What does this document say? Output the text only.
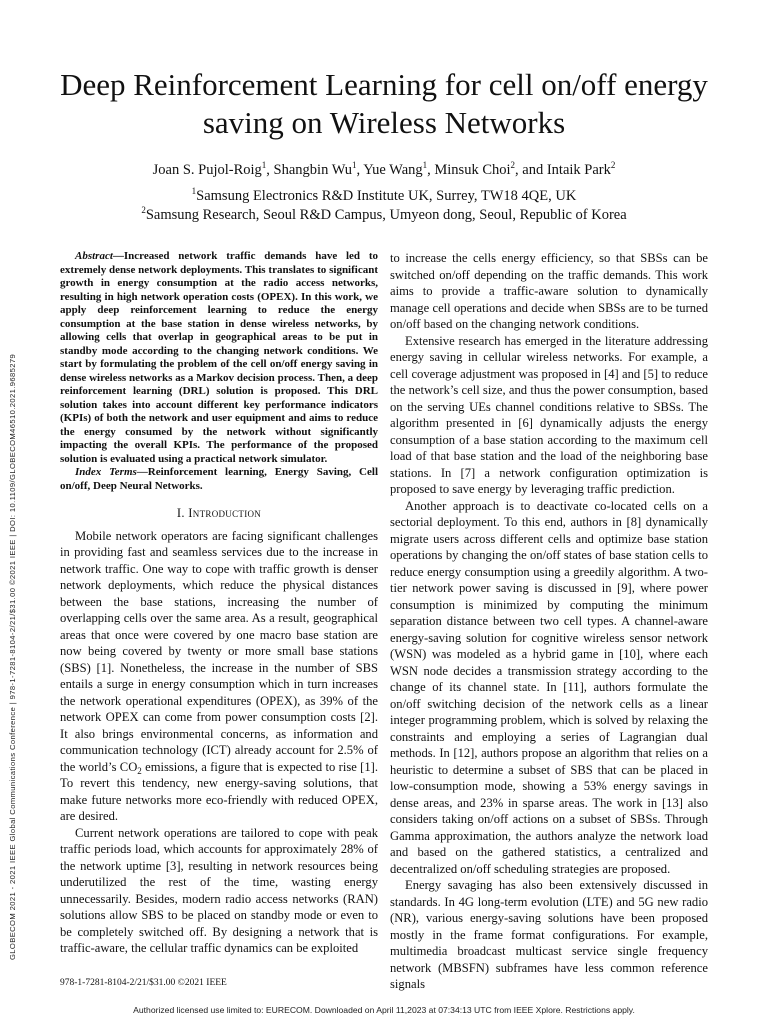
Deep Reinforcement Learning for cell on/off energy saving on Wireless Networks
Joan S. Pujol-Roig$^1$, Shangbin Wu$^1$, Yue Wang$^1$, Minsuk Choi$^2$, and Intaik Park$^2$
$^1$Samsung Electronics R&D Institute UK, Surrey, TW18 4QE, UK
$^2$Samsung Research, Seoul R&D Campus, Umyeon dong, Seoul, Republic of Korea

Abstract—Increased network traffic demands have led to extremely dense network deployments. This translates to significant growth in energy consumption at the radio access networks, resulting in high network operation costs (OPEX). In this work, we apply deep reinforcement learning to reduce the energy consumption at the base station in dense wireless networks, by allowing cells that overlap in geographical areas to be put in standby mode according to the changing network conditions. We start by formulating the problem of the cell on/off energy saving in dense wireless networks as a Markov decision process. Then, a deep reinforcement learning (DRL) solution is proposed. This DRL solution takes into account different key performance indicators (KPIs) of both the network and user equipment and aims to reduce the energy consumed by the network without significantly impacting the overall KPIs. The performance of the proposed solution is evaluated using a practical network simulator.

Index Terms—Reinforcement learning, Energy Saving, Cell on/off, Deep Neural Networks.

I. Introduction

Mobile network operators are facing significant challenges in providing fast and seamless services due to the increase in network traffic. One way to cope with traffic growth is denser network deployments, which reduce the physical distances between the base stations, increasing the number of overlapping cells over the same area. As a result, geographical areas that once were covered by one macro base station are now being covered by twenty or more small base stations (SBS) [1]. Nonetheless, the increase in the number of SBS entails a surge in energy consumption which in turn increases the network operational expenditures (OPEX), as 39% of the network OPEX can come from power consumption costs [2]. It also brings environmental concerns, as information and communication technology (ICT) already account for 2.5% of the world’s $CO_2$ emissions, a figure that is expected to rise [1]. To revert this tendency, new energy-saving solutions, that make future networks more eco-friendly with reduced OPEX, are desired.

Current network operations are tailored to cope with peak traffic periods load, which accounts for approximately 28% of the network uptime [3], resulting in network resources being underutilized the rest of the time, wasting energy unnecessarily. Besides, modern radio access networks (RAN) solutions allow SBS to be placed on standby mode or even to be completely switched off. By designing a network that is traffic-aware, the cellular traffic dynamics can be exploited

to increase the cells energy efficiency, so that SBSs can be switched on/off depending on the traffic demands. This work aims to provide a traffic-aware solution to dynamically manage cell operations and decide when SBSs are to be turned on/off based on the changing network conditions.

Extensive research has emerged in the literature addressing energy saving in cellular wireless networks. For example, a cell coverage adjustment was proposed in [4] and [5] to reduce the network’s cell size, and thus the power consumption, based on the serving UEs channel conditions relative to SBSs. The algorithm presented in [6] dynamically adjusts the energy consumption of a base station according to the maximum cell load of that base station and the load of the neighboring base stations. In [7] a network configuration optimization is proposed to save energy by leveraging traffic prediction.

Another approach is to deactivate co-located cells on a sectorial deployment. To this end, authors in [8] dynamically migrate users across different cells and optimize base station operations by changing the on/off states of base station cells to reduce energy consumption using a greedily algorithm. A two-tier network power saving is discussed in [9], where power consumption is minimized by computing the minimum separation distance between two cell types. A channel-aware energy-saving solution for cognitive wireless sensor network (WSN) was modeled as a hybrid game in [10], where each WSN node decides a transmission strategy according to the change of its channel state. In [11], authors formulate the on/off switching decision of the network cells as a linear integer programming problem, which is solved by relaxing the constraints and employing a series of Lagrangian dual methods. In [12], authors propose an algorithm that relies on a heuristic to determine a subset of SBS that can be placed in low-consumption mode, showing a 53% energy savings in dense areas, and 23% in sparse areas. The work in [13] also considers taking on/off actions on a subset of SBSs. Through Gamma approximation, the authors analyze the network load and based on the gathered statistics, a centralized and decentralized on/off scheduling strategies are proposed.

Energy savaging has also been extensively discussed in standards. In 4G long-term evolution (LTE) and 5G new radio (NR), various energy-saving solutions have been proposed mostly in the frame format configurations. For example, multimedia broadcast multicast service single frequency network (MBSFN) subframes have less common reference signals

GLOBECOM 2021 - 2021 IEEE Global Communications Conference | 978-1-7281-8104-2/21/$31.00 ©2021 IEEE | DOI: 10.1109/GLOBECOM46510.2021.9685279
978-1-7281-8104-2/21/$31.00 ©2021 IEEE
Authorized licensed use limited to: EURECOM. Downloaded on April 11,2023 at 07:34:13 UTC from IEEE Xplore. Restrictions apply.
